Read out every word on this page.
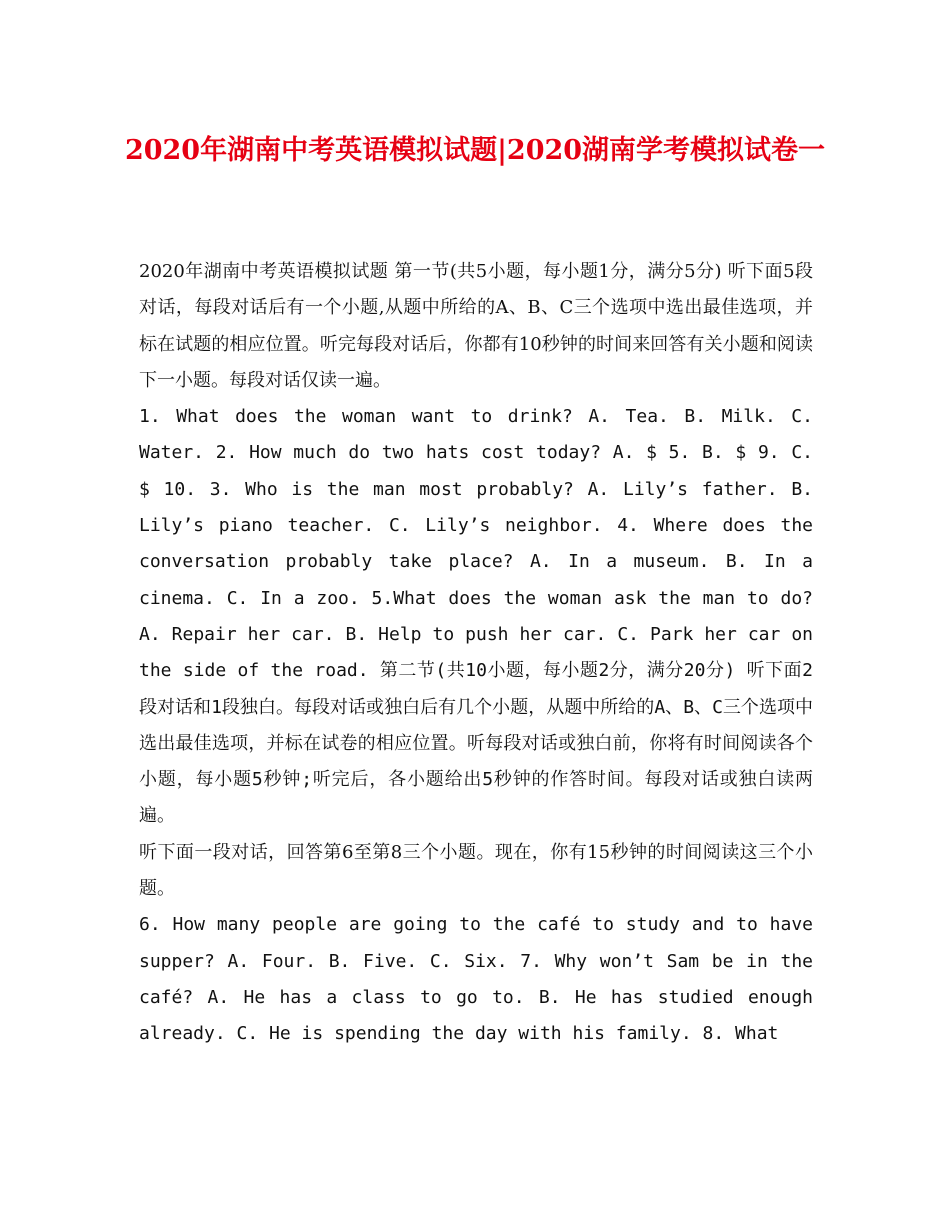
2020年湖南中考英语模拟试题|2020湖南学考模拟试卷一

2020年湖南中考英语模拟试题 第一节(共5小题，每小题1分，满分5分) 听下面5段对话，每段对话后有一个小题,从题中所给的A、B、C三个选项中选出最佳选项，并标在试题的相应位置。听完每段对话后，你都有10秒钟的时间来回答有关小题和阅读下一小题。每段对话仅读一遍。

1. What does the woman want to drink? A. Tea. B. Milk. C. Water. 2. How much do two hats cost today? A. $ 5. B. $ 9. C. $ 10. 3. Who is the man most probably? A. Lily’s father. B. Lily’s piano teacher. C. Lily’s neighbor. 4. Where does the conversation probably take place? A. In a museum. B. In a cinema. C. In a zoo. 5.What does the woman ask the man to do? A. Repair her car. B. Help to push her car. C. Park her car on the side of the road. 第二节(共10小题，每小题2分，满分20分) 听下面2段对话和1段独白。每段对话或独白后有几个小题，从题中所给的A、B、C三个选项中选出最佳选项，并标在试卷的相应位置。听每段对话或独白前，你将有时间阅读各个小题，每小题5秒钟;听完后，各小题给出5秒钟的作答时间。每段对话或独白读两遍。

听下面一段对话，回答第6至第8三个小题。现在，你有15秒钟的时间阅读这三个小题。

6. How many people are going to the café to study and to have supper? A. Four. B. Five. C. Six. 7. Why won’t Sam be in the café? A. He has a class to go to. B. He has studied enough already. C. He is spending the day with his family. 8. What
